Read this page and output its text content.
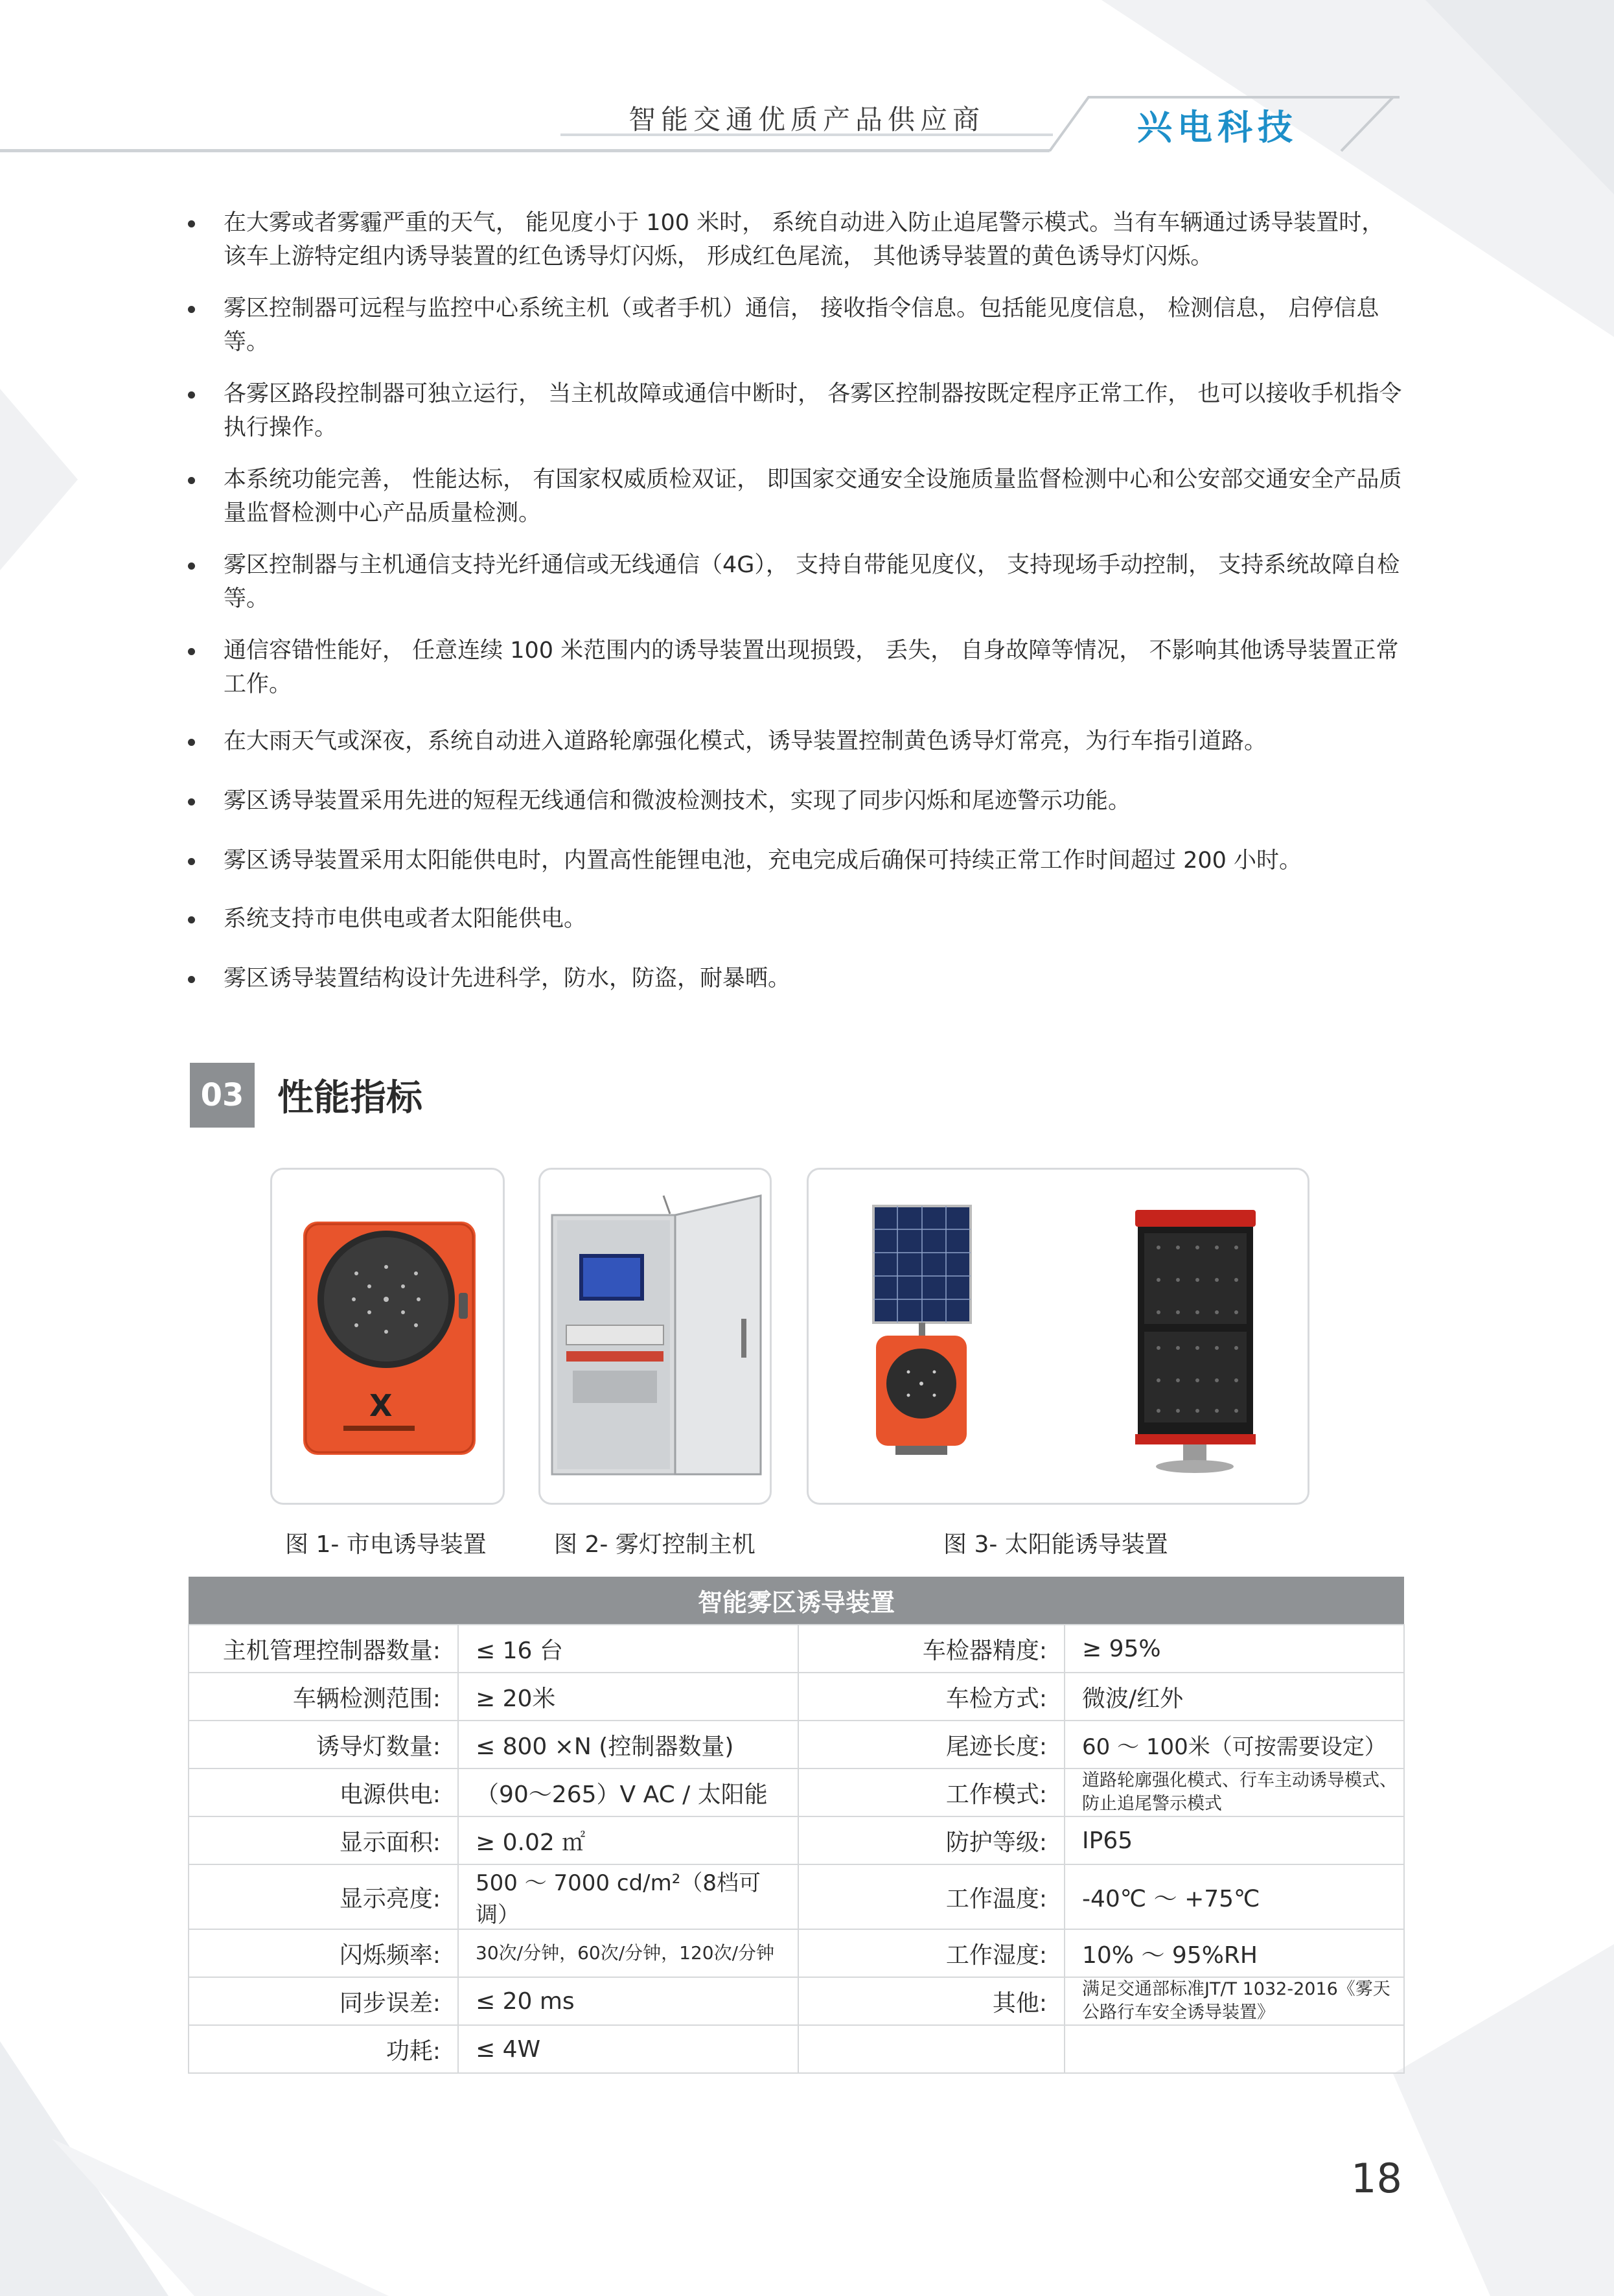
智能交通优质产品供应商	兴电科技
在大雾或者雾霾严重的天气， 能见度小于 100 米时， 系统自动进入防止追尾警示模式。当有车辆通过诱导装置时，该车上游特定组内诱导装置的红色诱导灯闪烁， 形成红色尾流， 其他诱导装置的黄色诱导灯闪烁。
雾区控制器可远程与监控中心系统主机（或者手机）通信， 接收指令信息。包括能见度信息， 检测信息， 启停信息等。
各雾区路段控制器可独立运行， 当主机故障或通信中断时， 各雾区控制器按既定程序正常工作， 也可以接收手机指令执行操作。
本系统功能完善， 性能达标， 有国家权威质检双证， 即国家交通安全设施质量监督检测中心和公安部交通安全产品质量监督检测中心产品质量检测。
雾区控制器与主机通信支持光纤通信或无线通信（4G）， 支持自带能见度仪， 支持现场手动控制， 支持系统故障自检等。
通信容错性能好， 任意连续 100 米范围内的诱导装置出现损毁， 丢失， 自身故障等情况， 不影响其他诱导装置正常工作。
在大雨天气或深夜，系统自动进入道路轮廓强化模式，诱导装置控制黄色诱导灯常亮，为行车指引道路。
雾区诱导装置采用先进的短程无线通信和微波检测技术，实现了同步闪烁和尾迹警示功能。
雾区诱导装置采用太阳能供电时，内置高性能锂电池，充电完成后确保可持续正常工作时间超过 200 小时。
系统支持市电供电或者太阳能供电。
雾区诱导装置结构设计先进科学，防水，防盗，耐暴晒。
03 性能指标
X
图 1- 市电诱导装置	图 2- 雾灯控制主机	图 3- 太阳能诱导装置
智能雾区诱导装置			
主机管理控制器数量:	≤ 16 台	车检器精度:	≥ 95%
车辆检测范围:	≥ 20米	车检方式:	微波/红外
诱导灯数量:	≤ 800 ×N (控制器数量)	尾迹长度:	60 ～ 100米（可按需要设定）
电源供电:	（90～265）V AC / 太阳能	工作模式:	道路轮廓强化模式、行车主动诱导模式、防止追尾警示模式
显示面积:	≥ 0.02 ㎡	防护等级:	IP65
显示亮度:	500 ～ 7000 cd/m²（8档可调）	工作温度:	-40℃ ～ +75℃
闪烁频率:	30次/分钟，60次/分钟，120次/分钟	工作湿度:	10% ～ 95%RH
同步误差:	≤ 20 ms	其他:	满足交通部标准JT/T 1032-2016《雾天公路行车安全诱导装置》
功耗:	≤ 4W		
18
